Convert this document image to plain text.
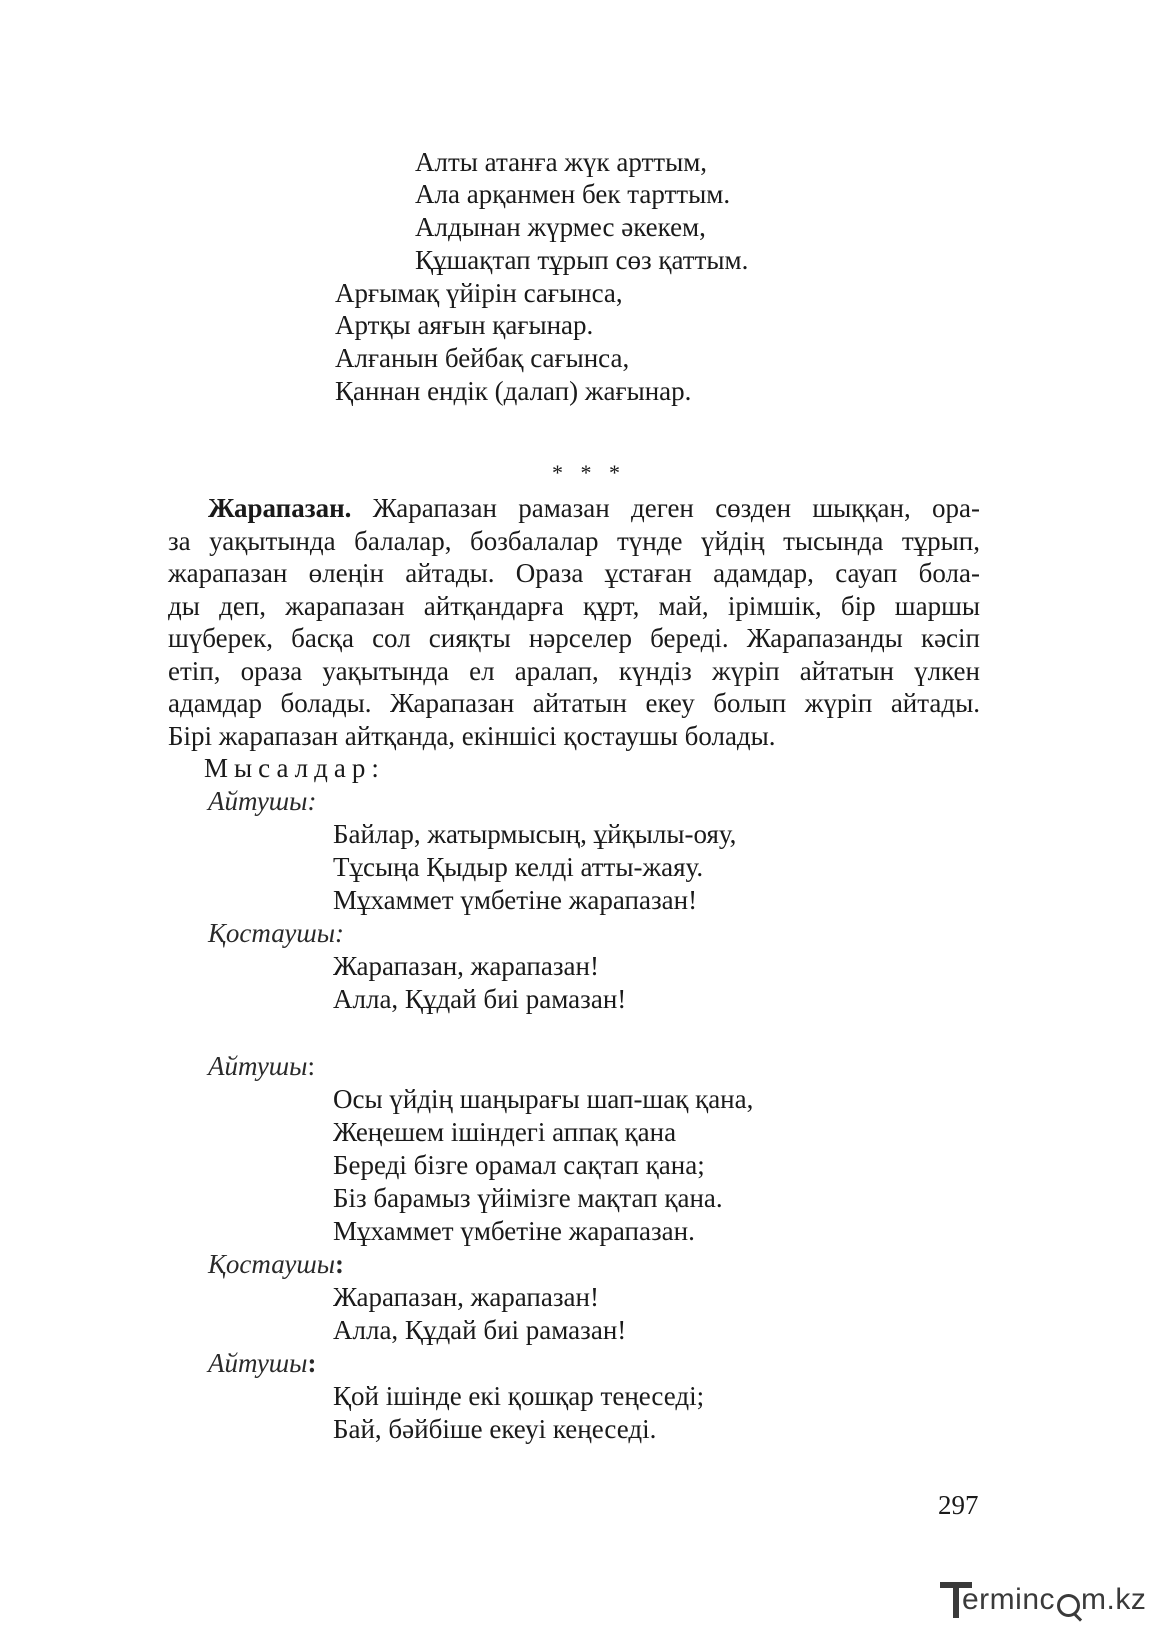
Алты атанға жүк арттым,
Ала арқанмен бек тарттым.
Алдынан жүрмес әкекем,
Құшақтап тұрып сөз қаттым.
Арғымақ үйірін сағынса,
Артқы аяғын қағынар.
Алғанын бейбақ сағынса,
Қаннан ендік (далап) жағынар.
* * *
Жарапазан. Жарапазан рамазан деген сөзден шыққан, ора-
за уақытында балалар, бозбалалар түнде үйдің тысында тұрып,
жарапазан өлеңін айтады. Ораза ұстаған адамдар, сауап бола-
ды деп, жарапазан айтқандарға құрт, май, ірімшік, бір шаршы
шүберек, басқа сол сияқты нәрселер береді. Жарапазанды кәсіп
етіп, ораза уақытында ел аралап, күндіз жүріп айтатын үлкен
адамдар болады. Жарапазан айтатын екеу болып жүріп айтады.
Бірі жарапазан айтқанда, екіншісі қостаушы болады.
Мысалдар:
Айтушы:
Байлар, жатырмысың, ұйқылы-ояу,
Тұсыңа Қыдыр келді атты-жаяу.
Мұхаммет үмбетіне жарапазан!
Қостаушы:
Жарапазан, жарапазан!
Алла, Құдай биі рамазан!
Айтушы:
Осы үйдің шаңырағы шап-шақ қана,
Жеңешем ішіндегі аппақ қана
Береді бізге орамал сақтап қана;
Біз барамыз үйімізге мақтап қана.
Мұхаммет үмбетіне жарапазан.
Қостаушы:
Жарапазан, жарапазан!
Алла, Құдай биі рамазан!
Айтушы:
Қой ішінде екі қошқар теңеседі;
Бай, бәйбіше екеуі кеңеседі.
297
erminc m.kz
